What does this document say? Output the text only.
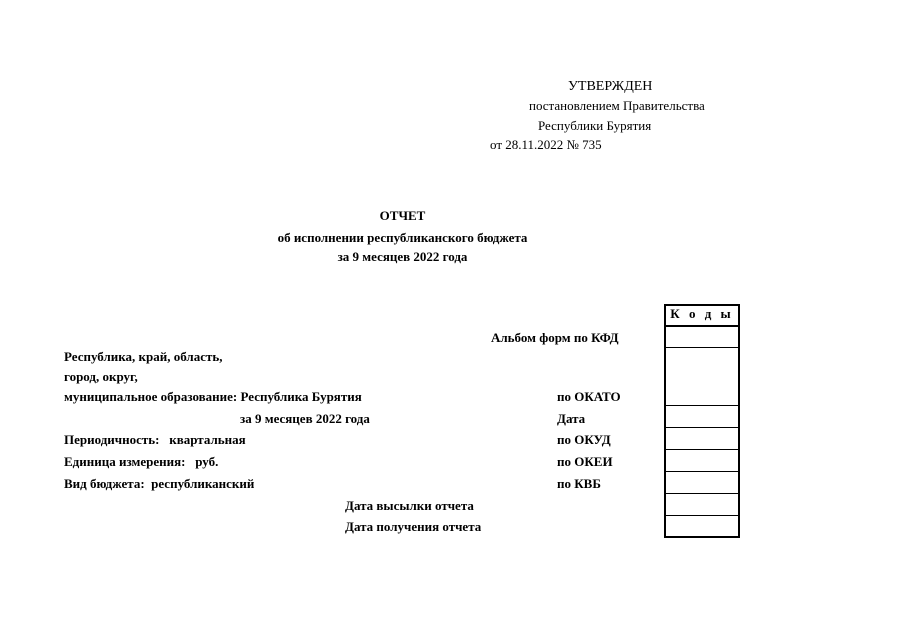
УТВЕРЖДЕН
постановлением Правительства
Республики Бурятия
от 28.11.2022 № 735
ОТЧЕТ
об исполнении республиканского бюджета
за 9 месяцев 2022 года
К о д ы
Альбом форм по КФД
по ОКАТО
Дата
по ОКУД
по ОКЕИ
по КВБ
Республика, край, область,
город, округ,
муниципальное образование: Республика Бурятия
за 9 месяцев 2022 года
Периодичность:   квартальная
Единица измерения:   руб.
Вид бюджета:  республиканский
Дата высылки отчета
Дата получения отчета
